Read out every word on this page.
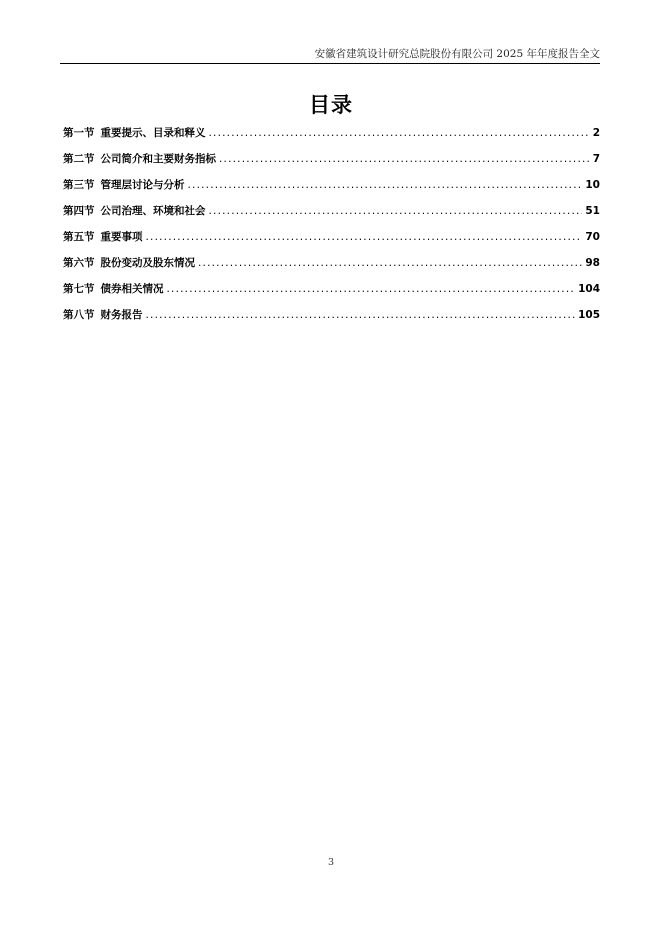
安徽省建筑设计研究总院股份有限公司 2025 年年度报告全文
目录
第一节 重要提示、目录和释义 .....	2
第二节 公司简介和主要财务指标 .....	7
第三节 管理层讨论与分析 .....	10
第四节 公司治理、环境和社会 .....	51
第五节 重要事项 .....	70
第六节 股份变动及股东情况 .....	98
第七节 债券相关情况 .....	104
第八节 财务报告 .....	105
3
